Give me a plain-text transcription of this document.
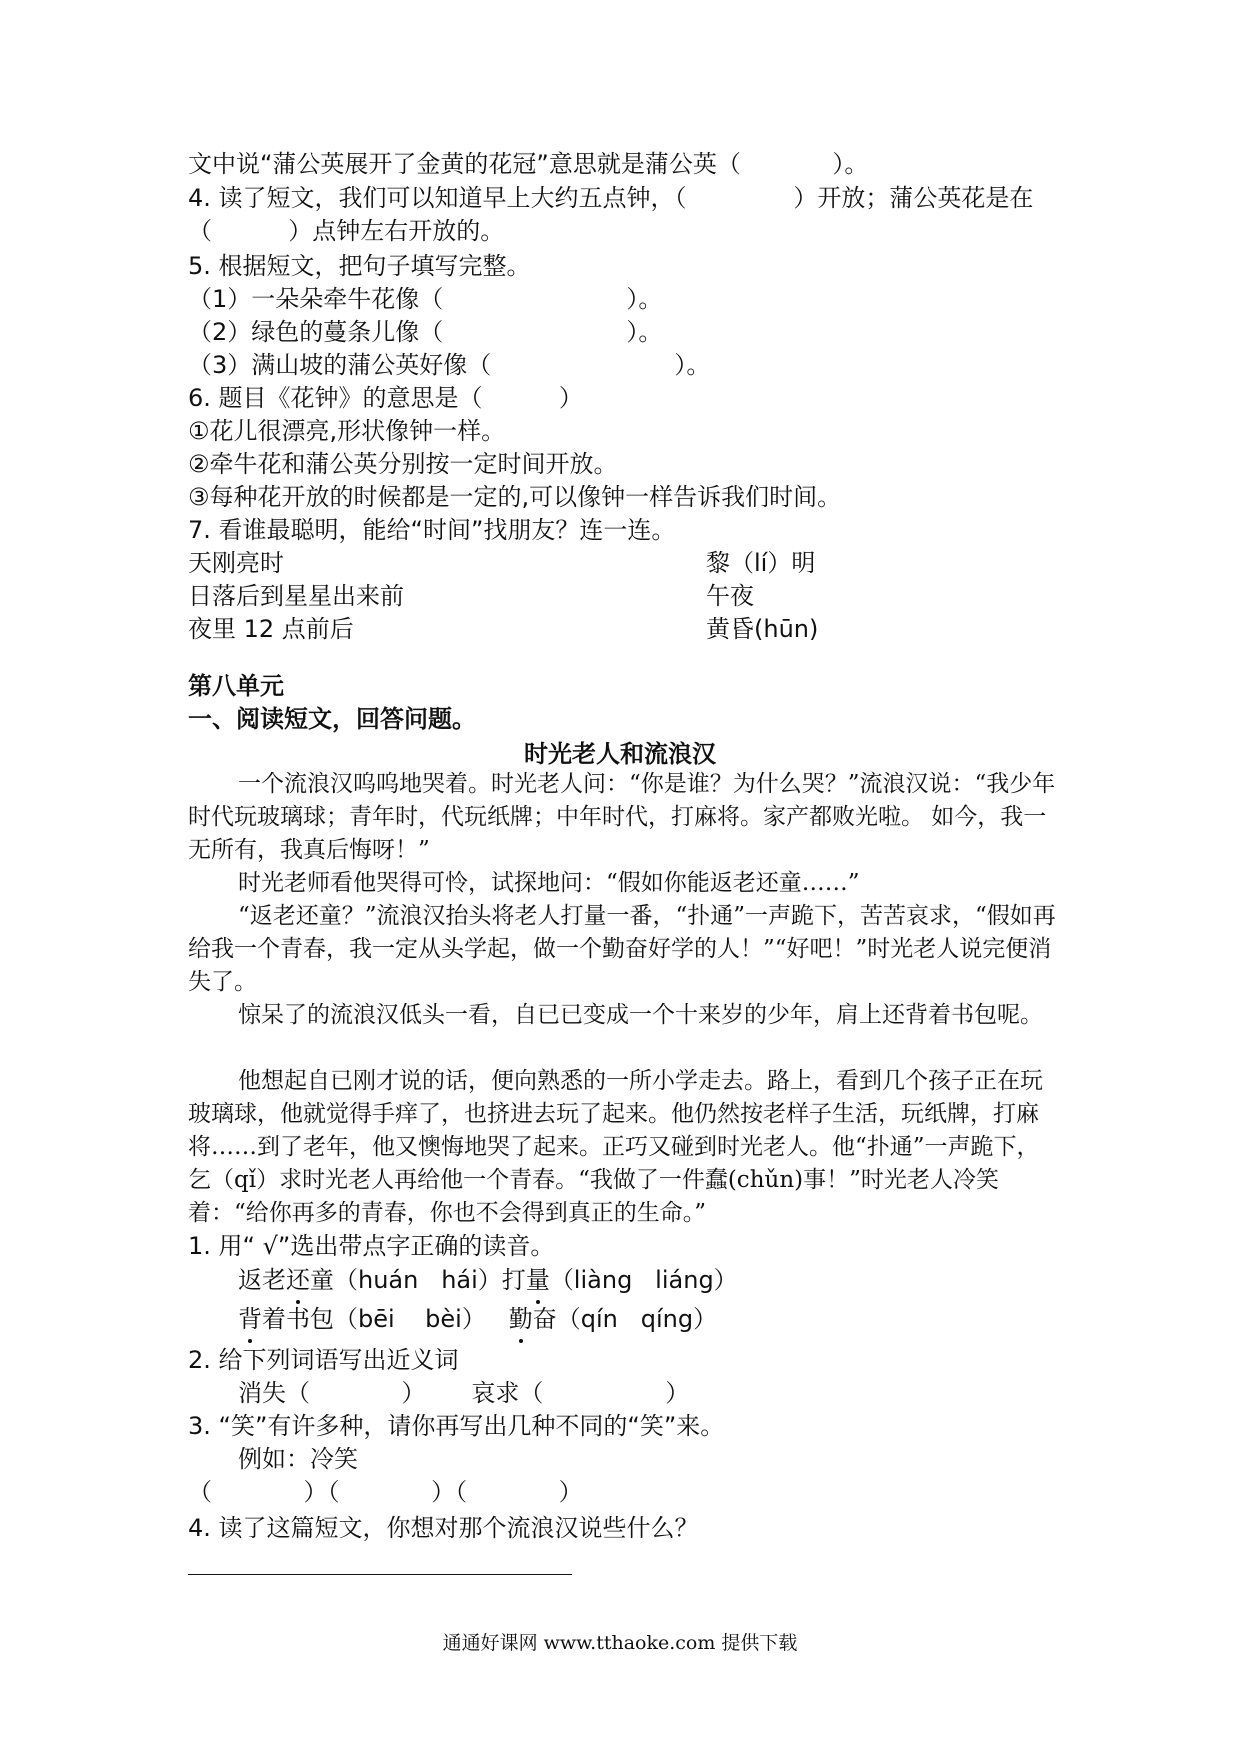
文中说“蒲公英展开了金黄的花冠”意思就是蒲公英（            ）。
4. 读了短文，我们可以知道早上大约五点钟，（              ）开放；蒲公英花是在
（          ）点钟左右开放的。
5. 根据短文，把句子填写完整。
（1）一朵朵牵牛花像（                        ）。
（2）绿色的蔓条儿像（                        ）。
（3）满山坡的蒲公英好像（                        ）。
6. 题目《花钟》的意思是（          ）
①花儿很漂亮,形状像钟一样。
②牵牛花和蒲公英分别按一定时间开放。
③每种花开放的时候都是一定的,可以像钟一样告诉我们时间。
7. 看谁最聪明，能给“时间”找朋友？连一连。
天刚亮时
日落后到星星出来前
夜里 12 点前后
黎（lí）明
午夜
黄昏(hūn)
第八单元
一、阅读短文，回答问题。
时光老人和流浪汉
一个流浪汉呜呜地哭着。时光老人问：“你是谁？为什么哭？”流浪汉说：“我少年时代玩玻璃球；青年时，代玩纸牌；中年时代，打麻将。家产都败光啦。 如今，我一无所有，我真后悔呀！”
时光老师看他哭得可怜，试探地问：“假如你能返老还童……”
“返老还童？”流浪汉抬头将老人打量一番，“扑通”一声跪下，苦苦哀求，“假如再给我一个青春，我一定从头学起，做一个勤奋好学的人！”“好吧！”时光老人说完便消失了。
惊呆了的流浪汉低头一看，自已已变成一个十来岁的少年，肩上还背着书包呢。
他想起自已刚才说的话，便向熟悉的一所小学走去。路上，看到几个孩子正在玩玻璃球，他就觉得手痒了，也挤进去玩了起来。他仍然按老样子生活，玩纸牌，打麻将……到了老年，他又懊悔地哭了起来。正巧又碰到时光老人。他“扑通”一声跪下，乞（qǐ）求时光老人再给他一个青春。“我做了一件蠢(chǔn)事！”时光老人冷笑着：“给你再多的青春，你也不会得到真正的生命。”
1. 用“ √”选出带点字正确的读音。
返老还童（huán   hái）打量（liàng   liáng）
背着书包（bēi    bèi）   勤奋（qín   qíng）
2. 给下列词语写出近义词
消失（            ）      哀求（                ）
3. “笑”有许多种，请你再写出几种不同的“笑”来。
例如：冷笑
（            ）（            ）（            ）
4. 读了这篇短文，你想对那个流浪汉说些什么？
通通好课网 www.tthaoke.com 提供下载
